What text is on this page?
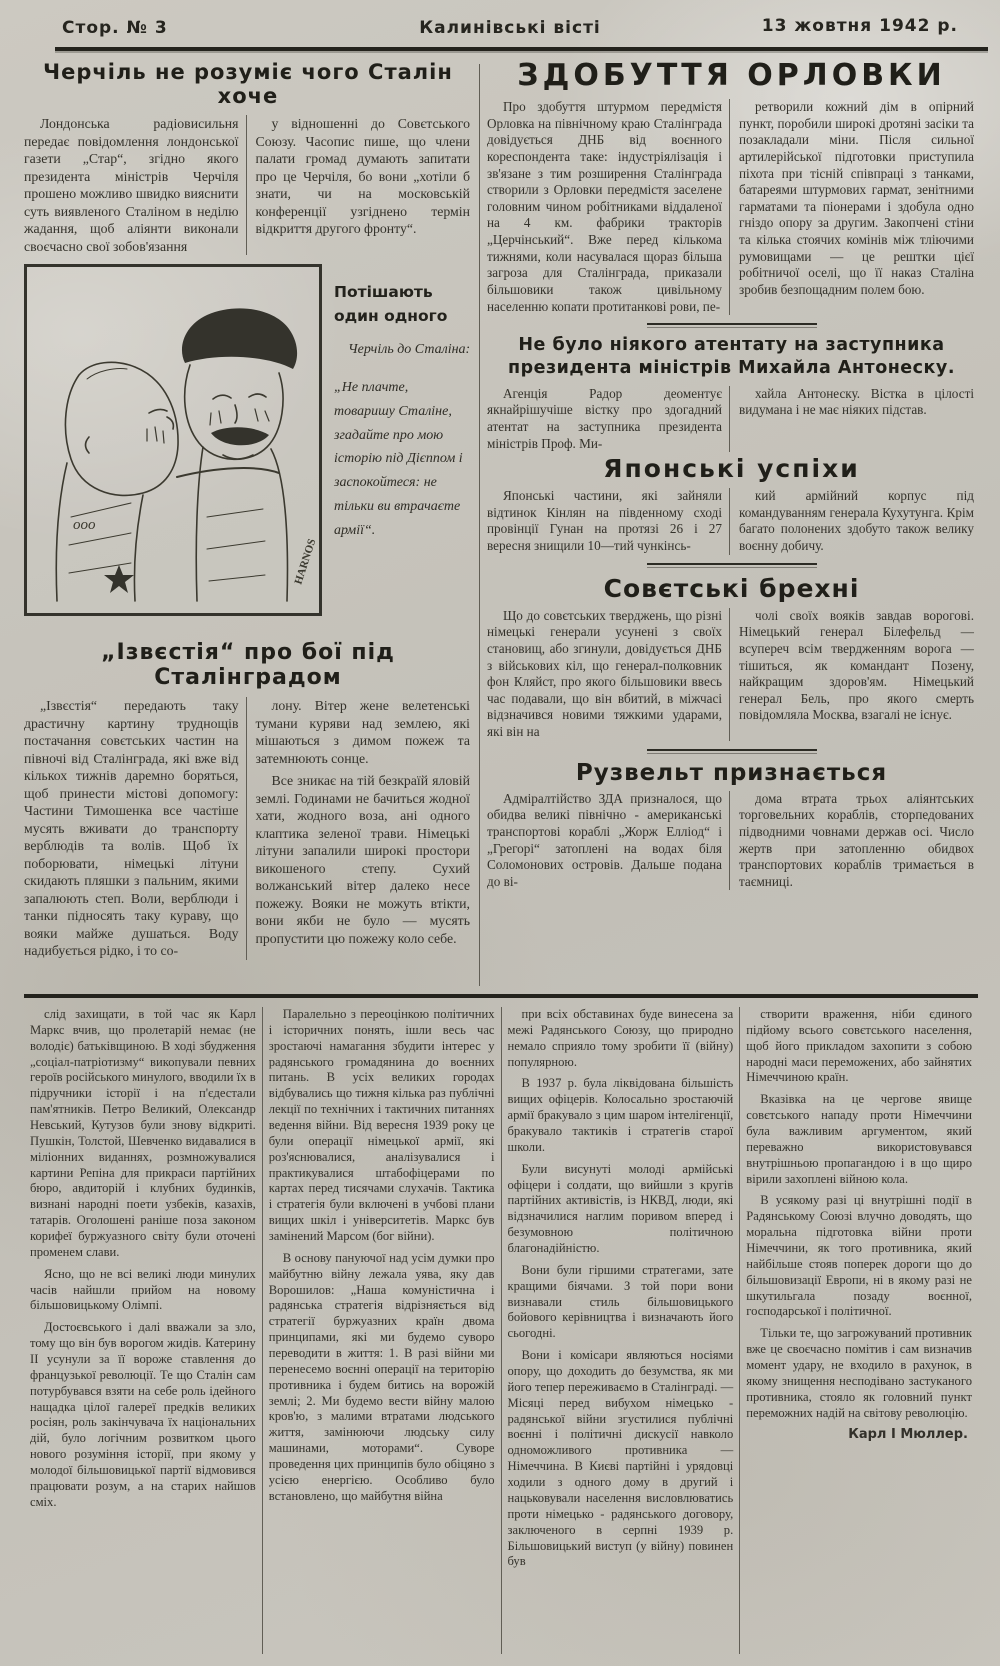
Стор. № 3	Калинівські вісті	13 жовтня 1942 р.
Черчіль не розуміє чого Сталін хоче

Лондонська радіовисильня передає повідомлення лондонської газети „Стар“, згідно якого президента міністрів Черчіля прошено можливо швидко вияснити суть виявленого Сталіном в неділю жадання, щоб аліянти виконали своєчасно свої зобов'язання

у відношенні до Совєтського Союзу. Часопис пише, що члени палати громад думають запитати про це Черчіля, бо вони „хотіли б знати, чи на московській конференції узгіднено термін відкриття другого фронту“.

ооо
HARNOS
Потішають один одного

Черчіль до Сталіна:

„Не плачте, товаришу Сталіне, згадайте про мою історію під Дієппом і заспокойтеся: не тільки ви втрачаєте армії“.

„Ізвєстія“ про бої під Сталінградом

„Ізвєстія“ передають таку драстичну картину труднощів постачання совєтських частин на півночі від Сталінграда, які вже від кількох тижнів даремно боряться, щоб принести містові допомогу: Частини Тимошенка все частіше мусять вживати до транспорту верблюдів та волів. Щоб їх поборювати, німецькі літуни скидають пляшки з пальним, якими запалюють степ. Воли, верблюди і танки підносять таку кураву, що вояки майже душаться. Воду надибується рідко, і то со-

лону. Вітер жене велетенські тумани куряви над землею, які мішаються з димом пожеж та затемнюють сонце.

Все зникає на тій безкраїй яловій землі. Годинами не бачиться жодної хати, жодного воза, ані одного клаптика зеленої трави. Німецькі літуни запалили широкі простори викошеного степу. Сухий волжанський вітер далеко несе пожежу. Вояки не можуть втікти, вони якби не було — мусять пропустити цю пожежу коло себе.

ЗДОБУТТЯ ОРЛОВКИ

Про здобуття штурмом передмістя Орловка на північному краю Сталінграда довідується ДНБ від воєнного кореспондента таке: індустріялізація і зв'язане з тим розширення Сталінграда створили з Орловки передмістя заселене головним чином робітниками віддаленої на 4 км. фабрики тракторів „Церчінський“. Вже перед кількома тижнями, коли насувалася щораз більша загроза для Сталінграда, приказали більшовики також цивільному населенню копати протитанкові рови, пе-

ретворили кожний дім в опірний пункт, поробили широкі дротяні засіки та позакладали міни. Після сильної артилерійської підготовки приступила піхота при тісній співпраці з танками, батареями штурмових гармат, зенітними гарматами та піонерами і здобула одно гніздо опору за другим. Закопчені стіни та кілька стоячих комінів між тліючими румовищами — це рештки цієї робітничої оселі, що її наказ Сталіна зробив безпощадним полем бою.

Не було ніякого атентату на заступника президента міністрів Михайла Антонеску.

Агенція Радор деоментує якнайрішучіше вістку про здогадний атентат на заступника президента міністрів Проф. Ми-

хайла Антонеску. Вістка в цілості видумана і не має ніяких підстав.

Японські успіхи

Японські частини, які зайняли відтинок Кінлян на південному сході провінції Гунан на протязі 26 і 27 вересня знищили 10—тий чункінсь-

кий армійний корпус під командуванням генерала Кухутунга. Крім багато полонених здобуто також велику воєнну добичу.

Совєтські брехні

Що до совєтських тверджень, що різні німецькі генерали усунені з своїх становищ, або згинули, довідується ДНБ з військових кіл, що генерал-полковник фон Кляйст, про якого більшовики ввесь час подавали, що він вбитий, в міжчасі відзначився новими тяжкими ударами, які він на

чолі своїх вояків завдав ворогові. Німецький генерал Білефельд — всупереч всім твердженням ворога — тішиться, як командант Позену, найкращим здоров'ям. Німецький генерал Бель, про якого смерть повідомляла Москва, взагалі не існує.

Рузвельт признається

Адміралтійство ЗДА призналося, що обидва великі північно - американські транспортові кораблі „Жорж Елліод“ і „Грегорі“ затоплені на водах біля Соломонових островів. Дальше подана до ві-

дома втрата трьох аліянтських торговельних кораблів, сторпедованих підводними човнами держав осі. Число жертв при затопленню обидвох транспортових кораблів тримається в таємниці.

слід захищати, в той час як Карл Маркс вчив, що пролетарій немає (не володіє) батьківщиною. В ході збудження „соціал-патріотизму“ викопували певних героїв російського минулого, вводили їх в підручники історії і на п'єдестали пам'ятників. Петро Великий, Олександр Невський, Кутузов були знову відкриті. Пушкін, Толстой, Шевченко видавалися в міліонних виданнях, розмножувалися картини Репіна для прикраси партійних бюро, авдиторій і клубних будинків, визнані народні поети узбеків, казахів, татарів. Оголошені раніше поза законом корифеї буржуазного світу були оточені променем слави.

Ясно, що не всі великі люди минулих часів найшли прийом на новому більшовицькому Олімпі.

Достоєвського і далі вважали за зло, тому що він був ворогом жидів. Катерину II усунули за її вороже ставлення до французької революції. Те що Сталін сам потурбувався взяти на себе роль ідейного нащадка цілої галереї предків великих росіян, роль закінчувача їх національних дій, було логічним розвитком цього нового розуміння історії, при якому у молодої більшовицької партії відмовився працювати розум, а на старих найшов сміх.

Паралельно з переоцінкою політичних і історичних понять, ішли весь час зростаючі намагання збудити інтерес у радянського громадянина до воєнних питань. В усіх великих городах відбувались що тижня кілька раз публічні лекції по технічних і тактичних питаннях ведення війни. Від вересня 1939 року це були операції німецької армії, які роз'яснювалися, аналізувалися і практикувалися штабофіцерами по картах перед тисячами слухачів. Тактика і стратегія були включені в учбові плани вищих шкіл і університетів. Маркс був замінений Марсом (бог війни).

В основу пануючої над усім думки про майбутню війну лежала уява, яку дав Ворошилов: „Наша комуністична і радянська стратегія відрізняється від стратегії буржуазних країн двома принципами, які ми будемо суворо переводити в життя: 1. В разі війни ми перенесемо воєнні операції на територію противника і будем битись на ворожій землі; 2. Ми будемо вести війну малою кров'ю, з малими втратами людського життя, замінюючи людську силу машинами, моторами“. Суворе проведення цих принципів було обіцяно з усією енергією. Особливо було встановлено, що майбутня війна

при всіх обставинах буде винесена за межі Радянського Союзу, що природно немало сприяло тому зробити її (війну) популярною.

В 1937 р. була ліквідована більшість вищих офіцерів. Колосально зростаючій армії бракувало з цим шаром інтелігенції, бракувало тактиків і стратегів старої школи.

Були висунуті молоді армійські офіцери і солдати, що вийшли з кругів партійних активістів, із НКВД, люди, які відзначилися наглим поривом вперед і безумовною політичною благонадійністю.

Вони були гіршими стратегами, зате кращими біячами. З той пори вони визнавали стиль більшовицького бойового керівництва і визначають його сьогодні.

Вони і комісари являються носіями опору, що доходить до безумства, як ми його тепер переживаємо в Сталінграді. — Місяці перед вибухом німецько - радянської війни згустилися публічні воєнні і політичні дискусії навколо одноможливого противника — Німеччина. В Києві партійні і урядовці ходили з одного дому в другий і нацьковували населення висловлюватись проти німецько - радянського договору, заключеного в серпні 1939 р. Більшовицький виступ (у війну) повинен був

створити враження, ніби єдиного підйому всього совєтського населення, щоб його прикладом захопити з собою народні маси переможених, або зайнятих Німеччиною країн.

Вказівка на це чергове явище совєтського нападу проти Німеччини була важливим аргументом, який переважно використовувався внутрішньою пропагандою і в що щиро вірили захоплені війною кола.

В усякому разі ці внутрішні події в Радянському Союзі влучно доводять, що моральна підготовка війни проти Німеччини, як того противника, який найбільше стояв поперек дороги що до більшовизації Европи, ні в якому разі не шкутильгала позаду воєнної, господарської і політичної.

Тільки те, що загрожуваний противник вже це своєчасно помітив і сам визначив момент удару, не входило в рахунок, в якому знищення несподівано застуканого противника, стояло як головний пункт переможних надій на світову революцію.

Карл І Мюллер.
